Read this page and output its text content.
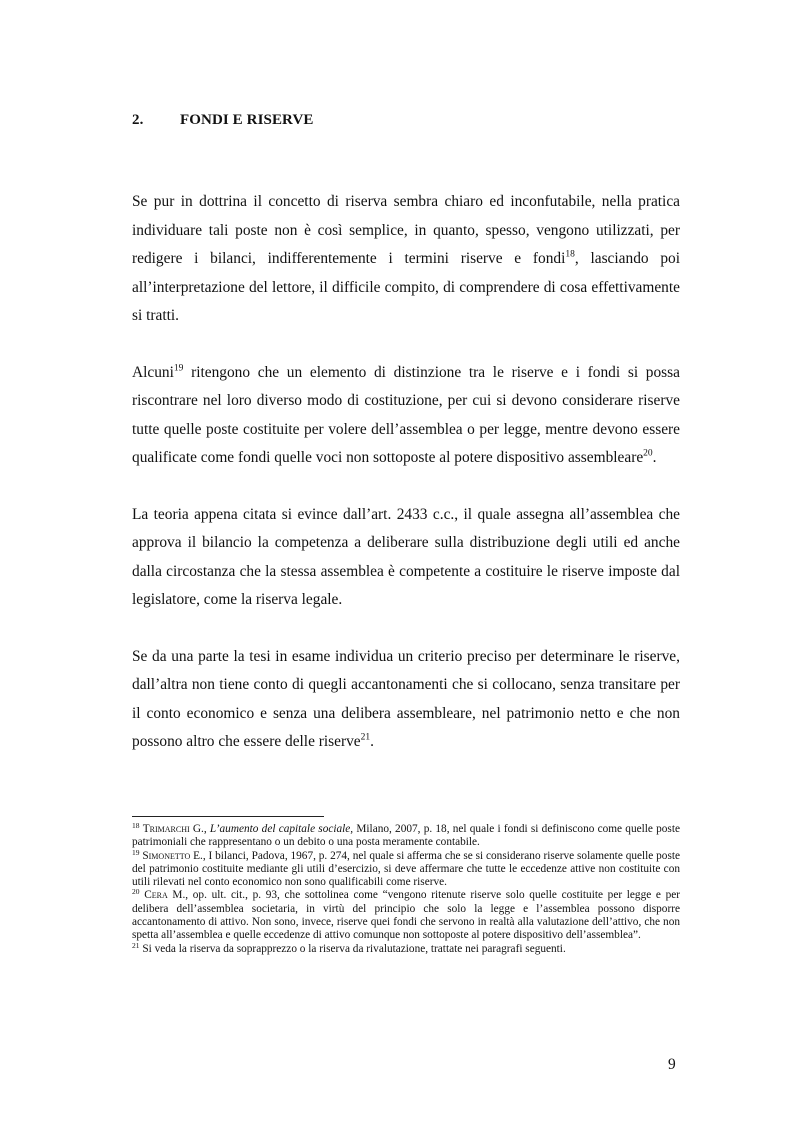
2. FONDI E RISERVE

Se pur in dottrina il concetto di riserva sembra chiaro ed inconfutabile, nella pratica individuare tali poste non è così semplice, in quanto, spesso, vengono utilizzati, per redigere i bilanci, indifferentemente i termini riserve e fondi$^{18}$, lasciando poi all’interpretazione del lettore, il difficile compito, di comprendere di cosa effettivamente si tratti.

Alcuni$^{19}$ ritengono che un elemento di distinzione tra le riserve e i fondi si possa riscontrare nel loro diverso modo di costituzione, per cui si devono considerare riserve tutte quelle poste costituite per volere dell’assemblea o per legge, mentre devono essere qualificate come fondi quelle voci non sottoposte al potere dispositivo assembleare$^{20}$.

La teoria appena citata si evince dall’art. 2433 c.c., il quale assegna all’assemblea che approva il bilancio la competenza a deliberare sulla distribuzione degli utili ed anche dalla circostanza che la stessa assemblea è competente a costituire le riserve imposte dal legislatore, come la riserva legale.

Se da una parte la tesi in esame individua un criterio preciso per determinare le riserve, dall’altra non tiene conto di quegli accantonamenti che si collocano, senza transitare per il conto economico e senza una delibera assembleare, nel patrimonio netto e che non possono altro che essere delle riserve$^{21}$.

$^{18}$ Trimarchi G., L’aumento del capitale sociale, Milano, 2007, p. 18, nel quale i fondi si definiscono come quelle poste patrimoniali che rappresentano o un debito o una posta meramente contabile.

$^{19}$ Simonetto E., I bilanci, Padova, 1967, p. 274, nel quale si afferma che se si considerano riserve solamente quelle poste del patrimonio costituite mediante gli utili d’esercizio, si deve affermare che tutte le eccedenze attive non costituite con utili rilevati nel conto economico non sono qualificabili come riserve.

$^{20}$ Cera M., op. ult. cit., p. 93, che sottolinea come “vengono ritenute riserve solo quelle costituite per legge e per delibera dell’assemblea societaria, in virtù del principio che solo la legge e l’assemblea possono disporre accantonamento di attivo. Non sono, invece, riserve quei fondi che servono in realtà alla valutazione dell’attivo, che non spetta all’assemblea e quelle eccedenze di attivo comunque non sottoposte al potere dispositivo dell’assemblea”.

$^{21}$ Si veda la riserva da soprapprezzo o la riserva da rivalutazione, trattate nei paragrafi seguenti.

9
